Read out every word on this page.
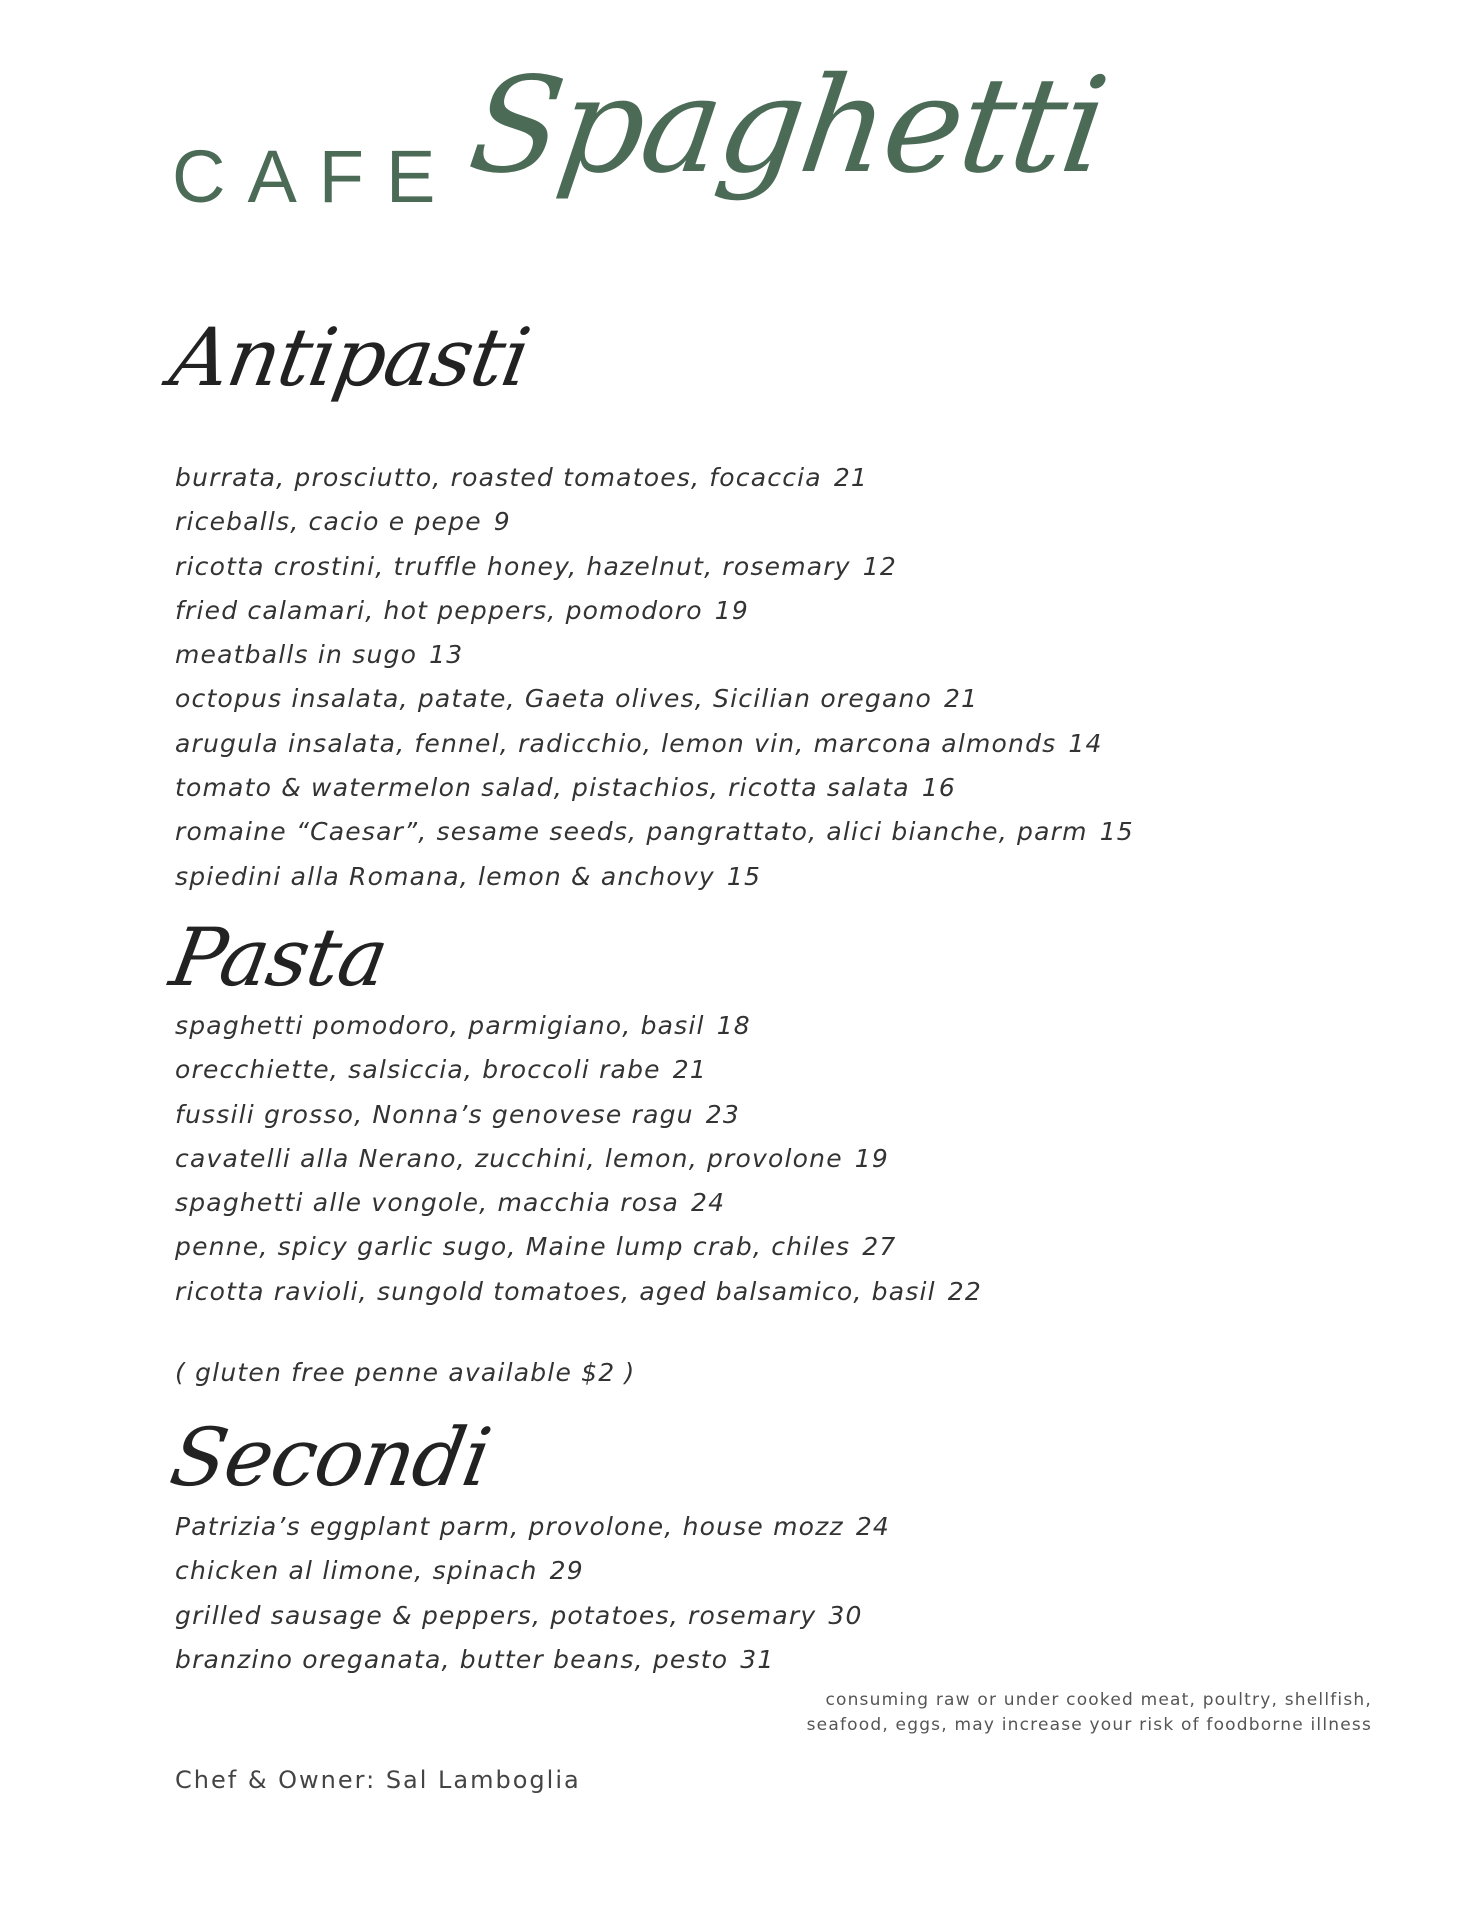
CAFE Spaghetti
Antipasti
burrata, prosciutto, roasted tomatoes, focaccia 21
riceballs, cacio e pepe 9
ricotta crostini, truffle honey, hazelnut, rosemary 12
fried calamari, hot peppers, pomodoro 19
meatballs in sugo 13
octopus insalata, patate, Gaeta olives, Sicilian oregano 21
arugula insalata, fennel, radicchio, lemon vin, marcona almonds 14
tomato & watermelon salad, pistachios, ricotta salata 16
romaine “Caesar”, sesame seeds, pangrattato, alici bianche, parm 15
spiedini alla Romana, lemon & anchovy 15
Pasta
spaghetti pomodoro, parmigiano, basil 18
orecchiette, salsiccia, broccoli rabe 21
fussili grosso, Nonna’s genovese ragu 23
cavatelli alla Nerano, zucchini, lemon, provolone 19
spaghetti alle vongole, macchia rosa 24
penne, spicy garlic sugo, Maine lump crab, chiles 27
ricotta ravioli, sungold tomatoes, aged balsamico, basil 22
( gluten free penne available $2 )
Secondi
Patrizia’s eggplant parm, provolone, house mozz 24
chicken al limone, spinach 29
grilled sausage & peppers, potatoes, rosemary 30
branzino oreganata, butter beans, pesto 31
consuming raw or under cooked meat, poultry, shellfish,
seafood, eggs, may increase your risk of foodborne illness
Chef & Owner: Sal Lamboglia
